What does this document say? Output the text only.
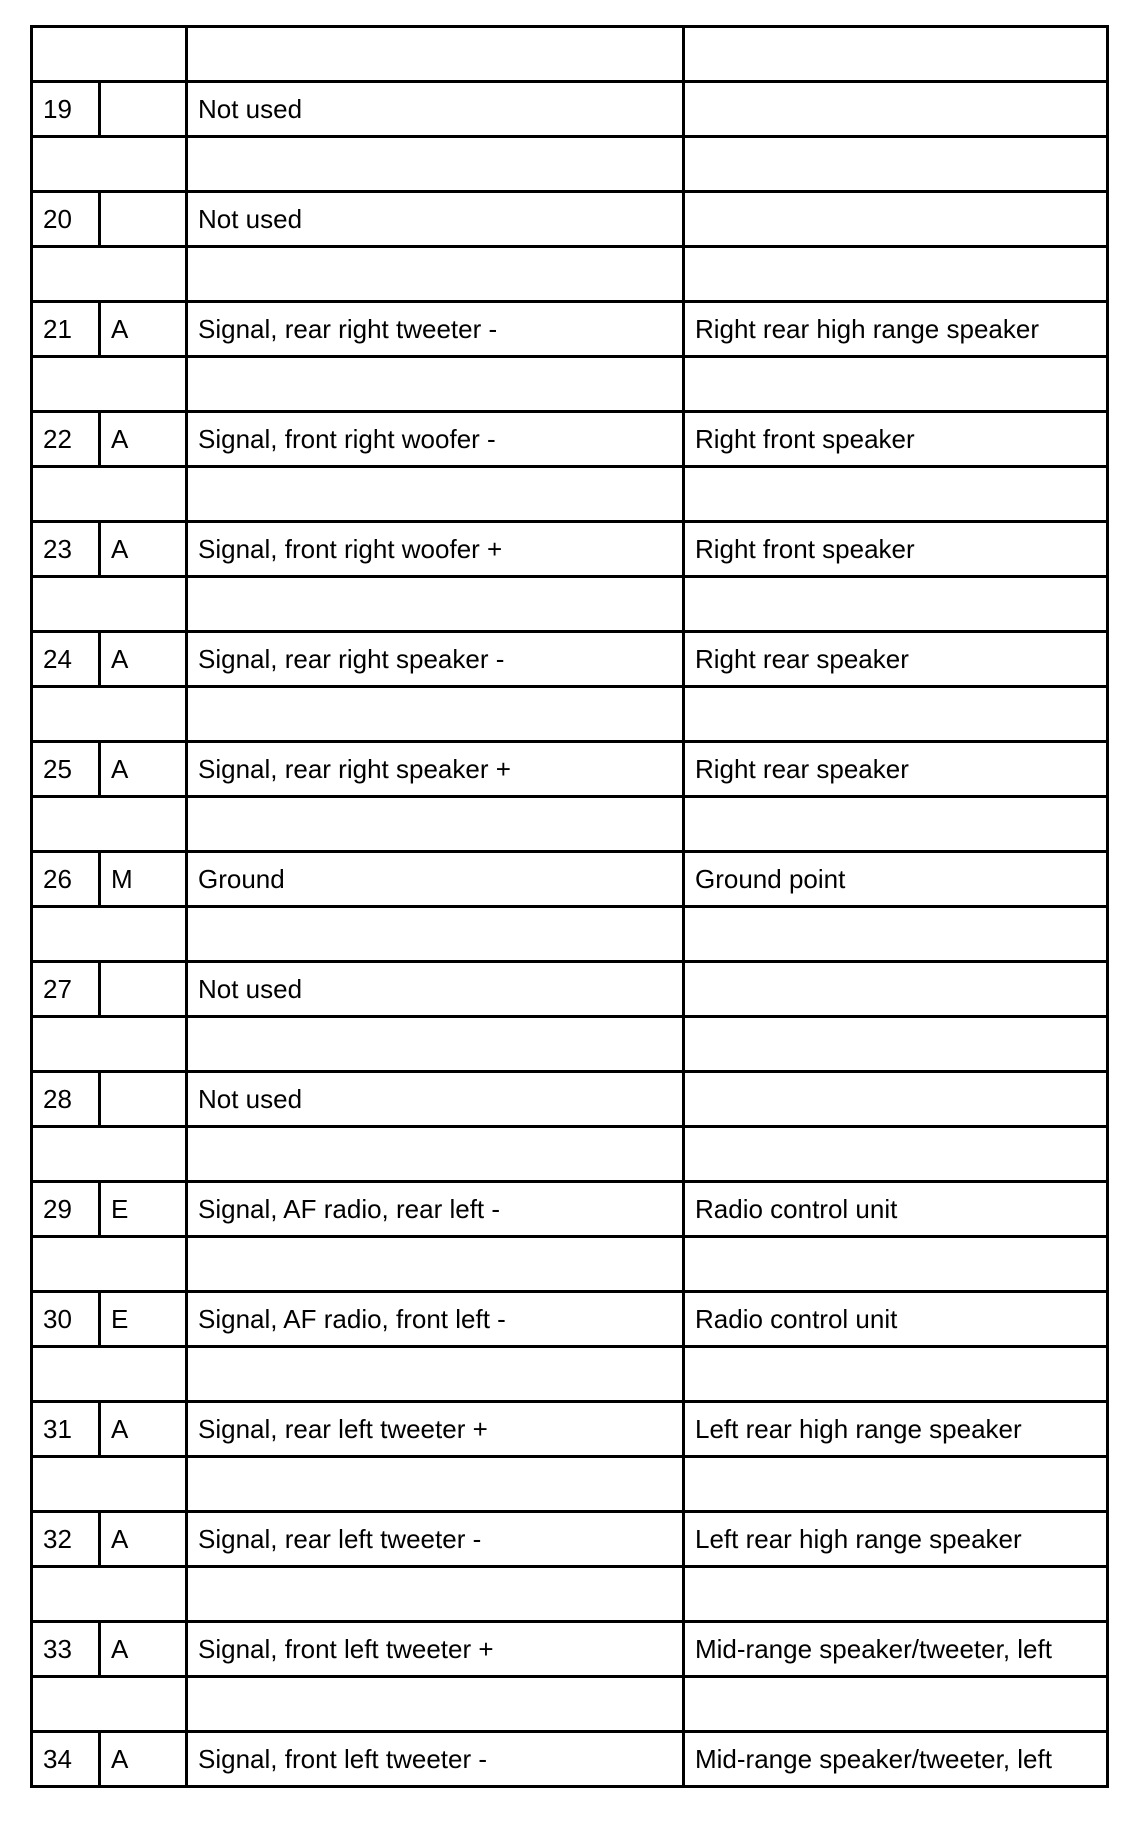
19		Not used	

20		Not used	

21	A	Signal, rear right tweeter -	Right rear high range speaker

22	A	Signal, front right woofer -	Right front speaker

23	A	Signal, front right woofer +	Right front speaker

24	A	Signal, rear right speaker -	Right rear speaker

25	A	Signal, rear right speaker +	Right rear speaker

26	M	Ground	Ground point

27		Not used	

28		Not used	

29	E	Signal, AF radio, rear left -	Radio control unit

30	E	Signal, AF radio, front left -	Radio control unit

31	A	Signal, rear left tweeter +	Left rear high range speaker

32	A	Signal, rear left tweeter -	Left rear high range speaker

33	A	Signal, front left tweeter +	Mid-range speaker/tweeter, left

34	A	Signal, front left tweeter -	Mid-range speaker/tweeter, left
